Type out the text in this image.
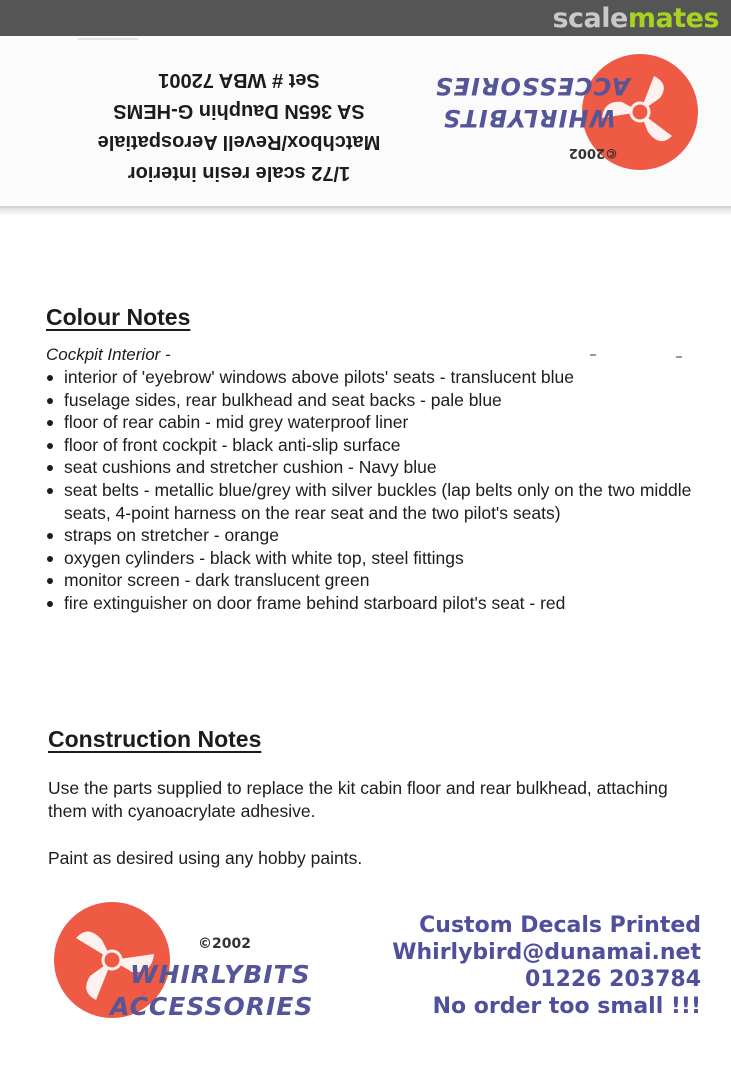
scalemates
1/72 scale resin interior
Matchbox/Revell Aerospatiale
SA 365N Dauphin G-HEMS
Set # WBA 72001
©2002
WHIRLYBITS
ACCESSORIES
Colour Notes
Cockpit Interior -
interior of 'eyebrow' windows above pilots' seats - translucent blue
fuselage sides, rear bulkhead and seat backs - pale blue
floor of rear cabin - mid grey waterproof liner
floor of front cockpit - black anti-slip surface
seat cushions and stretcher cushion - Navy blue
seat belts - metallic blue/grey with silver buckles (lap belts only on the two middle seats, 4-point harness on the rear seat and the two pilot's seats)
straps on stretcher - orange
oxygen cylinders - black with white top, steel fittings
monitor screen - dark translucent green
fire extinguisher on door frame behind starboard pilot's seat - red
Construction Notes
Use the parts supplied to replace the kit cabin floor and rear bulkhead, attaching them with cyanoacrylate adhesive.
Paint as desired using any hobby paints.
©2002
WHIRLYBITS
ACCESSORIES
Custom Decals Printed
Whirlybird@dunamai.net
01226 203784
No order too small !!!
